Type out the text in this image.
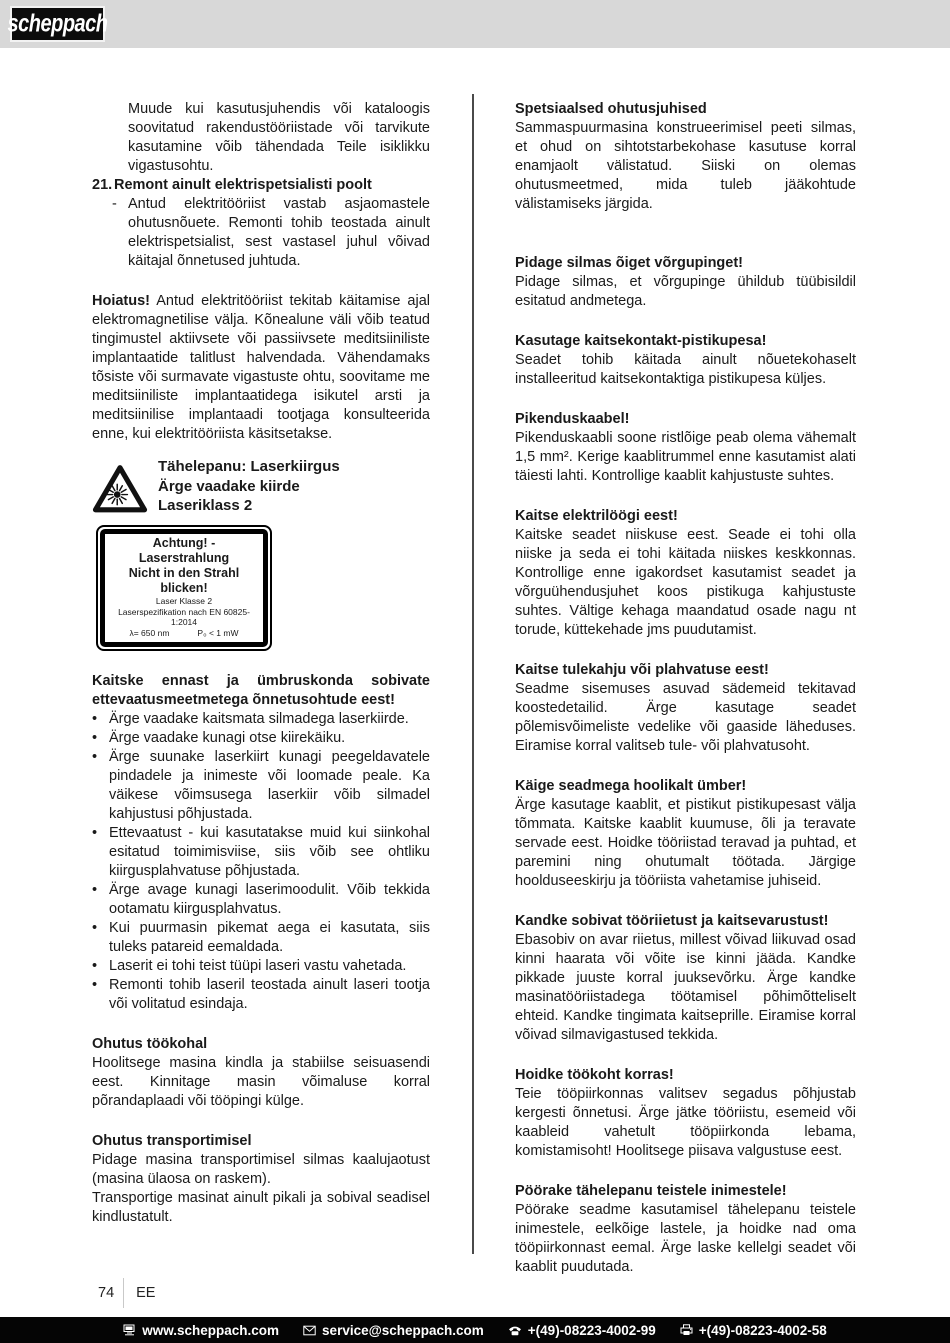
scheppach

Muude kui kasutusjuhendis või kataloogis soovitatud rakendustööriistade või tarvikute kasutamine võib tähendada Teile isiklikku vigastusohtu.

21. Remont ainult elektrispetsialisti poolt
- Antud elektritööriist vastab asjaomastele ohutusnõuete. Remonti tohib teostada ainult elektrispetsialist, sest vastasel juhul võivad käitajal õnnetused juhtuda.

Hoiatus! Antud elektritööriist tekitab käitamise ajal elektromagnetilise välja. Kõnealune väli võib teatud tingimustel aktiivsete või passiivsete meditsiiniliste implantaatide talitlust halvendada. Vähendamaks tõsiste või surmavate vigastuste ohtu, soovitame me meditsiiniliste implantaatidega isikutel arsti ja meditsiinilise implantaadi tootjaga konsulteerida enne, kui elektritööriista käsitsetakse.

Tähelepanu: Laserkiirgus
Ärge vaadake kiirde
Laseriklass 2
Achtung! - Laserstrahlung
Nicht in den Strahl blicken!
Laser Klasse 2
Laserspezifikation nach EN 60825-1:2014
λ= 650 nm	P₀ < 1 mW
Kaitske ennast ja ümbruskonda sobivate ettevaatusmeetmetega õnnetusohtude eest!
• Ärge vaadake kaitsmata silmadega laserkiirde.

• Ärge vaadake kunagi otse kiirekäiku.

• Ärge suunake laserkiirt kunagi peegeldavatele pindadele ja inimeste või loomade peale. Ka väikese võimsusega laserkiir võib silmadel kahjustusi põhjustada.

• Ettevaatust - kui kasutatakse muid kui siinkohal esitatud toimimisviise, siis võib see ohtliku kiirgusplahvatuse põhjustada.

• Ärge avage kunagi laserimoodulit. Võib tekkida ootamatu kiirgusplahvatus.

• Kui puurmasin pikemat aega ei kasutata, siis tuleks patareid eemaldada.

• Laserit ei tohi teist tüüpi laseri vastu vahetada.

• Remonti tohib laseril teostada ainult laseri tootja või volitatud esindaja.

Ohutus töökohal

Hoolitsege masina kindla ja stabiilse seisuasendi eest. Kinnitage masin võimaluse korral põrandaplaadi või tööpingi külge.

Ohutus transportimisel

Pidage masina transportimisel silmas kaalujaotust (masina ülaosa on raskem).

Transportige masinat ainult pikali ja sobival seadisel kindlustatult.

Spetsiaalsed ohutusjuhised

Sammaspuurmasina konstrueerimisel peeti silmas, et ohud on sihtotstarbekohase kasutuse korral enamjaolt välistatud. Siiski on olemas ohutusmeetmed, mida tuleb jääkohtude välistamiseks järgida.

Pidage silmas õiget võrgupinget!

Pidage silmas, et võrgupinge ühildub tüübisildil esitatud andmetega.

Kasutage kaitsekontakt-pistikupesa!

Seadet tohib käitada ainult nõuetekohaselt installeeritud kaitsekontaktiga pistikupesa küljes.

Pikenduskaabel!

Pikenduskaabli soone ristlõige peab olema vähemalt 1,5 mm². Kerige kaablitrummel enne kasutamist alati täiesti lahti. Kontrollige kaablit kahjustuste suhtes.

Kaitse elektrilöögi eest!

Kaitske seadet niiskuse eest. Seade ei tohi olla niiske ja seda ei tohi käitada niiskes keskkonnas. Kontrollige enne igakordset kasutamist seadet ja võrguühendusjuhet koos pistikuga kahjustuste suhtes. Vältige kehaga maandatud osade nagu nt torude, küttekehade jms puudutamist.

Kaitse tulekahju või plahvatuse eest!

Seadme sisemuses asuvad sädemeid tekitavad koostedetailid. Ärge kasutage seadet põlemisvõimeliste vedelike või gaaside läheduses. Eiramise korral valitseb tule- või plahvatusoht.

Käige seadmega hoolikalt ümber!

Ärge kasutage kaablit, et pistikut pistikupesast välja tõmmata. Kaitske kaablit kuumuse, õli ja teravate servade eest. Hoidke tööriistad teravad ja puhtad, et paremini ning ohutumalt töötada. Järgige hoolduseeskirju ja tööriista vahetamise juhiseid.

Kandke sobivat tööriietust ja kaitsevarustust!

Ebasobiv on avar riietus, millest võivad liikuvad osad kinni haarata või võite ise kinni jääda. Kandke pikkade juuste korral juuksevõrku. Ärge kandke masinatööriistadega töötamisel põhimõtteliselt ehteid. Kandke tingimata kaitseprille. Eiramise korral võivad silmavigastused tekkida.

Hoidke töökoht korras!

Teie tööpiirkonnas valitsev segadus põhjustab kergesti õnnetusi. Ärge jätke tööriistu, esemeid või kaableid vahetult tööpiirkonda lebama, komistamisoht! Hoolitsege piisava valgustuse eest.

Pöörake tähelepanu teistele inimestele!

Pöörake seadme kasutamisel tähelepanu teistele inimestele, eelkõige lastele, ja hoidke nad oma tööpiirkonnast eemal. Ärge laske kellelgi seadet või kaablit puudutada.

74 EE
www.scheppach.com	service@scheppach.com	+(49)-08223-4002-99	+(49)-08223-4002-58
